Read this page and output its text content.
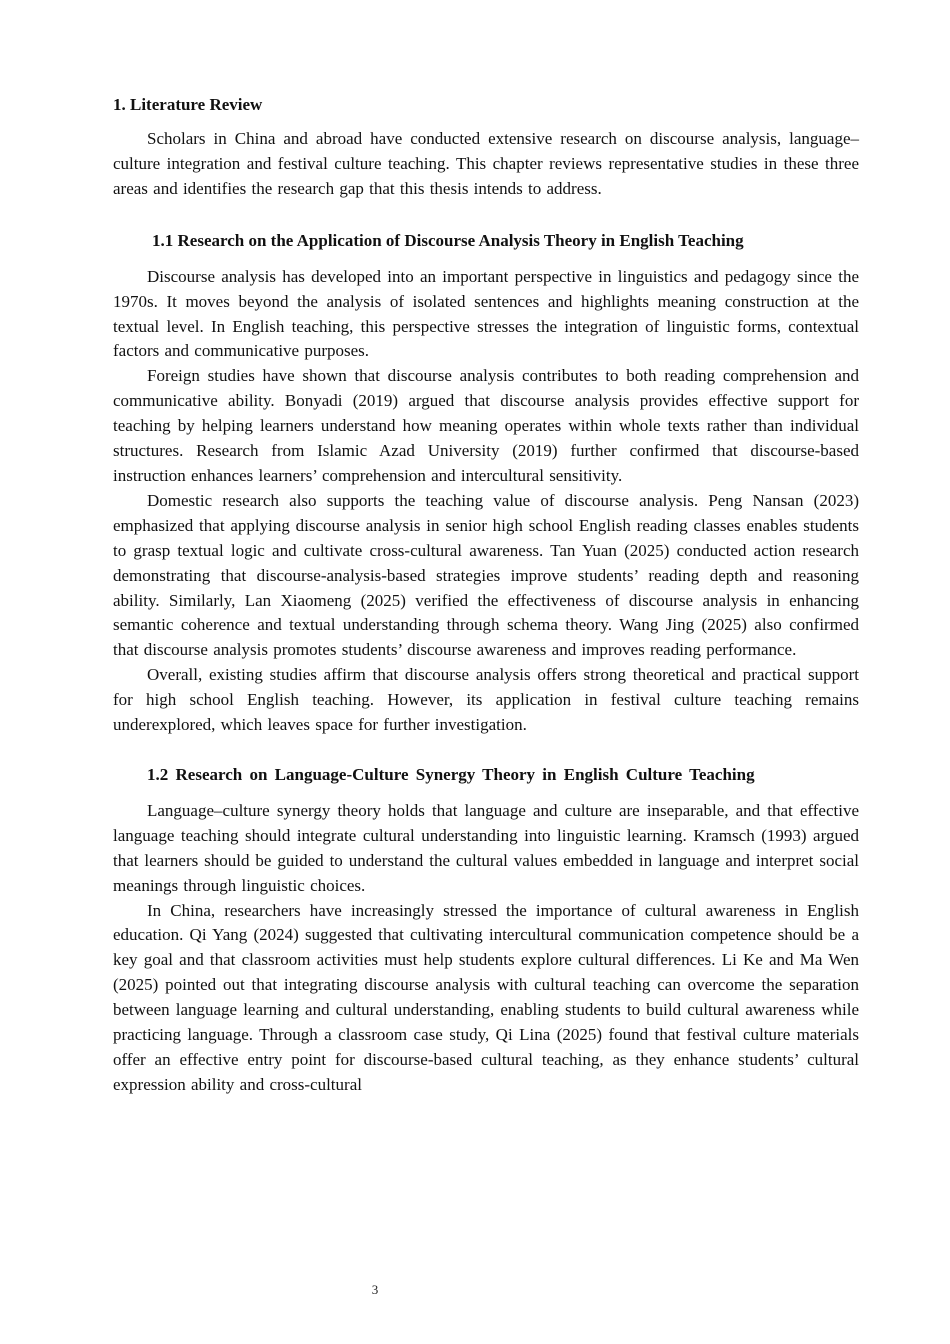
1. Literature Review

Scholars in China and abroad have conducted extensive research on discourse analysis, language–culture integration and festival culture teaching. This chapter reviews representative studies in these three areas and identifies the research gap that this thesis intends to address.

1.1 Research on the Application of Discourse Analysis Theory in English Teaching

Discourse analysis has developed into an important perspective in linguistics and pedagogy since the 1970s. It moves beyond the analysis of isolated sentences and highlights meaning construction at the textual level. In English teaching, this perspective stresses the integration of linguistic forms, contextual factors and communicative purposes.

Foreign studies have shown that discourse analysis contributes to both reading comprehension and communicative ability. Bonyadi (2019) argued that discourse analysis provides effective support for teaching by helping learners understand how meaning operates within whole texts rather than individual structures. Research from Islamic Azad University (2019) further confirmed that discourse-based instruction enhances learners’ comprehension and intercultural sensitivity.

Domestic research also supports the teaching value of discourse analysis. Peng Nansan (2023) emphasized that applying discourse analysis in senior high school English reading classes enables students to grasp textual logic and cultivate cross-cultural awareness. Tan Yuan (2025) conducted action research demonstrating that discourse-analysis-based strategies improve students’ reading depth and reasoning ability. Similarly, Lan Xiaomeng (2025) verified the effectiveness of discourse analysis in enhancing semantic coherence and textual understanding through schema theory. Wang Jing (2025) also confirmed that discourse analysis promotes students’ discourse awareness and improves reading performance.

Overall, existing studies affirm that discourse analysis offers strong theoretical and practical support for high school English teaching. However, its application in festival culture teaching remains underexplored, which leaves space for further investigation.

1.2 Research on Language-Culture Synergy Theory in English Culture Teaching

Language–culture synergy theory holds that language and culture are inseparable, and that effective language teaching should integrate cultural understanding into linguistic learning. Kramsch (1993) argued that learners should be guided to understand the cultural values embedded in language and interpret social meanings through linguistic choices.

In China, researchers have increasingly stressed the importance of cultural awareness in English education. Qi Yang (2024) suggested that cultivating intercultural communication competence should be a key goal and that classroom activities must help students explore cultural differences. Li Ke and Ma Wen (2025) pointed out that integrating discourse analysis with cultural teaching can overcome the separation between language learning and cultural understanding, enabling students to build cultural awareness while practicing language. Through a classroom case study, Qi Lina (2025) found that festival culture materials offer an effective entry point for discourse-based cultural teaching, as they enhance students’ cultural expression ability and cross-cultural

3
